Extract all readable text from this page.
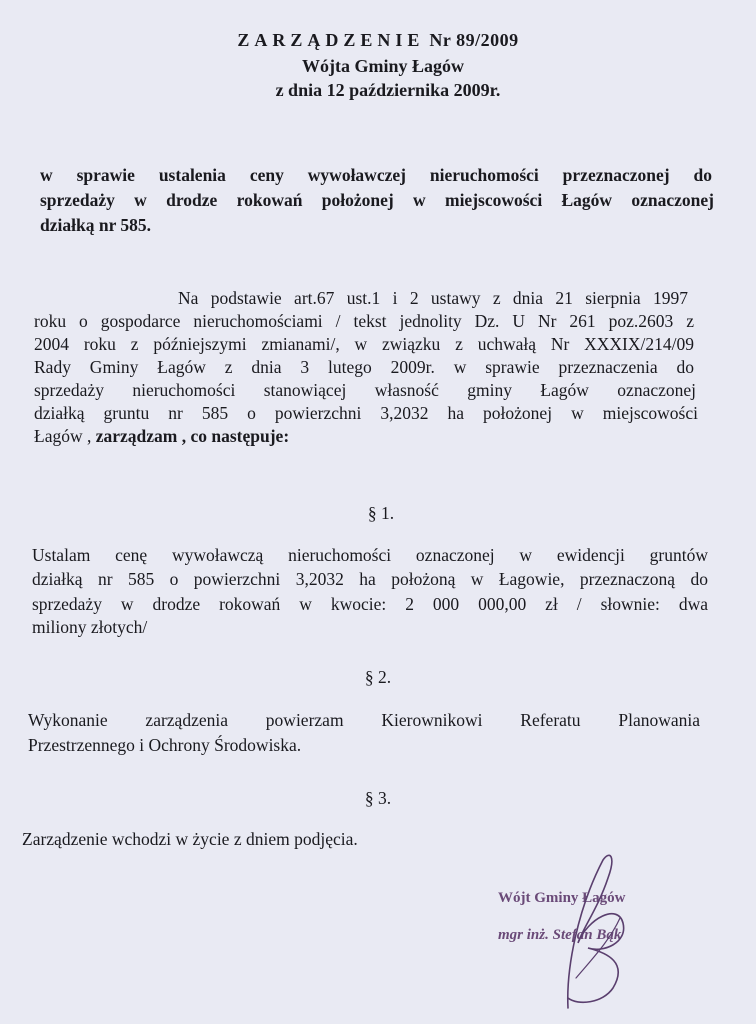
ZARZĄDZENIE Nr 89/2009
Wójta Gminy Łagów
z dnia 12 października 2009r.
w sprawie ustalenia ceny wywoławczej nieruchomości przeznaczonej do
sprzedaży w drodze rokowań położonej w miejscowości Łagów oznaczonej
działką nr 585.
Na podstawie art.67 ust.1 i 2 ustawy z dnia 21 sierpnia 1997
roku o gospodarce nieruchomościami / tekst jednolity Dz. U Nr 261 poz.2603 z
2004 roku z późniejszymi zmianami/, w związku z uchwałą Nr XXXIX/214/09
Rady Gminy Łagów z dnia 3 lutego 2009r. w sprawie przeznaczenia do
sprzedaży nieruchomości stanowiącej własność gminy Łagów oznaczonej
działką gruntu nr 585 o powierzchni 3,2032 ha położonej w miejscowości
Łagów , zarządzam , co następuje:
§ 1.
Ustalam cenę wywoławczą nieruchomości oznaczonej w ewidencji gruntów
działką nr 585 o powierzchni 3,2032 ha położoną w Łagowie, przeznaczoną do
sprzedaży w drodze rokowań w kwocie: 2 000 000,00 zł / słownie: dwa
miliony złotych/
§ 2.
Wykonanie zarządzenia powierzam Kierownikowi Referatu Planowania
Przestrzennego i Ochrony Środowiska.
§ 3.
Zarządzenie wchodzi w życie z dniem podjęcia.
Wójt Gminy Łagów
mgr inż. Stefan Bąk
